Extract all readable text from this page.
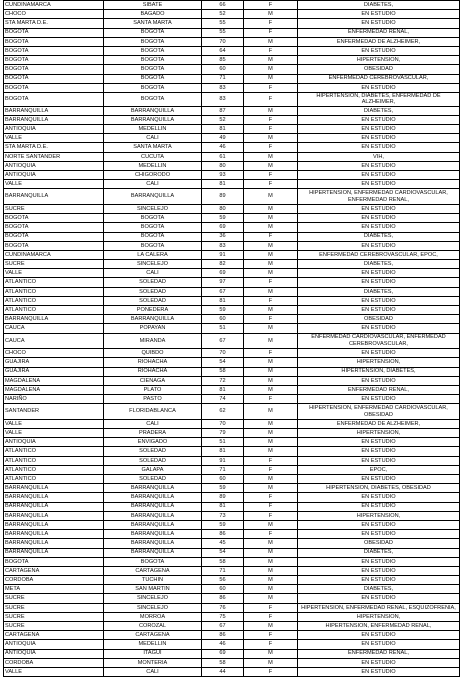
CUNDINAMARCA	SIBATE	66	F	DIABETES,
CHOCO	BAGADO	52	M	EN ESTUDIO
STA MARTA D.E.	SANTA MARTA	55	F	EN ESTUDIO
BOGOTA	BOGOTA	55	F	ENFERMEDAD RENAL,
BOGOTA	BOGOTA	70	M	ENFERMEDAD DE ALZHEIMER,
BOGOTA	BOGOTA	64	F	EN ESTUDIO
BOGOTA	BOGOTA	85	M	HIPERTENSION,
BOGOTA	BOGOTA	60	M	OBESIDAD
BOGOTA	BOGOTA	71	M	ENFERMEDAD CEREBROVASCULAR,
BOGOTA	BOGOTA	83	F	EN ESTUDIO
BOGOTA	BOGOTA	83	F	HIPERTENSION, DIABETES, ENFERMEDAD DE ALZHEIMER,
BARRANQUILLA	BARRANQUILLA	87	M	DIABETES,
BARRANQUILLA	BARRANQUILLA	52	F	EN ESTUDIO
ANTIOQUIA	MEDELLIN	81	F	EN ESTUDIO
VALLE	CALI	49	M	EN ESTUDIO
STA MARTA D.E.	SANTA MARTA	46	F	EN ESTUDIO
NORTE SANTANDER	CUCUTA	61	M	VIH,
ANTIOQUIA	MEDELLIN	80	M	EN ESTUDIO
ANTIOQUIA	CHIGORODO	93	F	EN ESTUDIO
VALLE	CALI	81	F	EN ESTUDIO
BARRANQUILLA	BARRANQUILLA	89	M	HIPERTENSION, ENFERMEDAD CARDIOVASCULAR, ENFERMEDAD RENAL,
SUCRE	SINCELEJO	80	M	EN ESTUDIO
BOGOTA	BOGOTA	59	M	EN ESTUDIO
BOGOTA	BOGOTA	69	M	EN ESTUDIO
BOGOTA	BOGOTA	36	F	DIABETES,
BOGOTA	BOGOTA	83	M	EN ESTUDIO
CUNDINAMARCA	LA CALERA	91	M	ENFERMEDAD CEREBROVASCULAR, EPOC,
SUCRE	SINCELEJO	82	M	DIABETES,
VALLE	CALI	69	M	EN ESTUDIO
ATLANTICO	SOLEDAD	97	F	EN ESTUDIO
ATLANTICO	SOLEDAD	67	M	DIABETES,
ATLANTICO	SOLEDAD	81	F	EN ESTUDIO
ATLANTICO	PONEDERA	59	M	EN ESTUDIO
BARRANQUILLA	BARRANQUILLA	60	F	OBESIDAD
CAUCA	POPAYAN	51	M	EN ESTUDIO
CAUCA	MIRANDA	67	M	ENFERMEDAD CARDIOVASCULAR, ENFERMEDAD CEREBROVASCULAR,
CHOCO	QUIBDO	70	F	EN ESTUDIO
GUAJIRA	RIOHACHA	54	M	HIPERTENSION,
GUAJIRA	RIOHACHA	58	M	HIPERTENSION, DIABETES,
MAGDALENA	CIENAGA	72	M	EN ESTUDIO
MAGDALENA	PLATO	81	M	ENFERMEDAD RENAL,
NARIÑO	PASTO	74	F	EN ESTUDIO
SANTANDER	FLORIDABLANCA	62	M	HIPERTENSION, ENFERMEDAD CARDIOVASCULAR, OBESIDAD
VALLE	CALI	70	M	ENFERMEDAD DE ALZHEIMER,
VALLE	PRADERA	79	M	HIPERTENSION,
ANTIOQUIA	ENVIGADO	51	M	EN ESTUDIO
ATLANTICO	SOLEDAD	81	M	EN ESTUDIO
ATLANTICO	SOLEDAD	91	F	EN ESTUDIO
ATLANTICO	GALAPA	71	F	EPOC,
ATLANTICO	SOLEDAD	60	M	EN ESTUDIO
BARRANQUILLA	BARRANQUILLA	59	M	HIPERTENSION, DIABETES, OBESIDAD
BARRANQUILLA	BARRANQUILLA	89	F	EN ESTUDIO
BARRANQUILLA	BARRANQUILLA	81	F	EN ESTUDIO
BARRANQUILLA	BARRANQUILLA	73	F	HIPERTENSION,
BARRANQUILLA	BARRANQUILLA	59	M	EN ESTUDIO
BARRANQUILLA	BARRANQUILLA	86	F	EN ESTUDIO
BARRANQUILLA	BARRANQUILLA	45	M	OBESIDAD
BARRANQUILLA	BARRANQUILLA	54	M	DIABETES,
BOGOTA	BOGOTA	58	M	EN ESTUDIO
CARTAGENA	CARTAGENA	71	M	EN ESTUDIO
CORDOBA	TUCHIN	56	M	EN ESTUDIO
META	SAN MARTIN	60	M	DIABETES,
SUCRE	SINCELEJO	86	M	EN ESTUDIO
SUCRE	SINCELEJO	76	F	HIPERTENSION, ENFERMEDAD RENAL, ESQUIZOFRENIA,
SUCRE	MORROA	75	F	HIPERTENSION,
SUCRE	COROZAL	67	M	HIPERTENSION, ENFERMEDAD RENAL,
CARTAGENA	CARTAGENA	86	F	EN ESTUDIO
ANTIOQUIA	MEDELLIN	46	F	EN ESTUDIO
ANTIOQUIA	ITAGUI	69	M	ENFERMEDAD RENAL,
CORDOBA	MONTERIA	58	M	EN ESTUDIO
VALLE	CALI	44	F	EN ESTUDIO
